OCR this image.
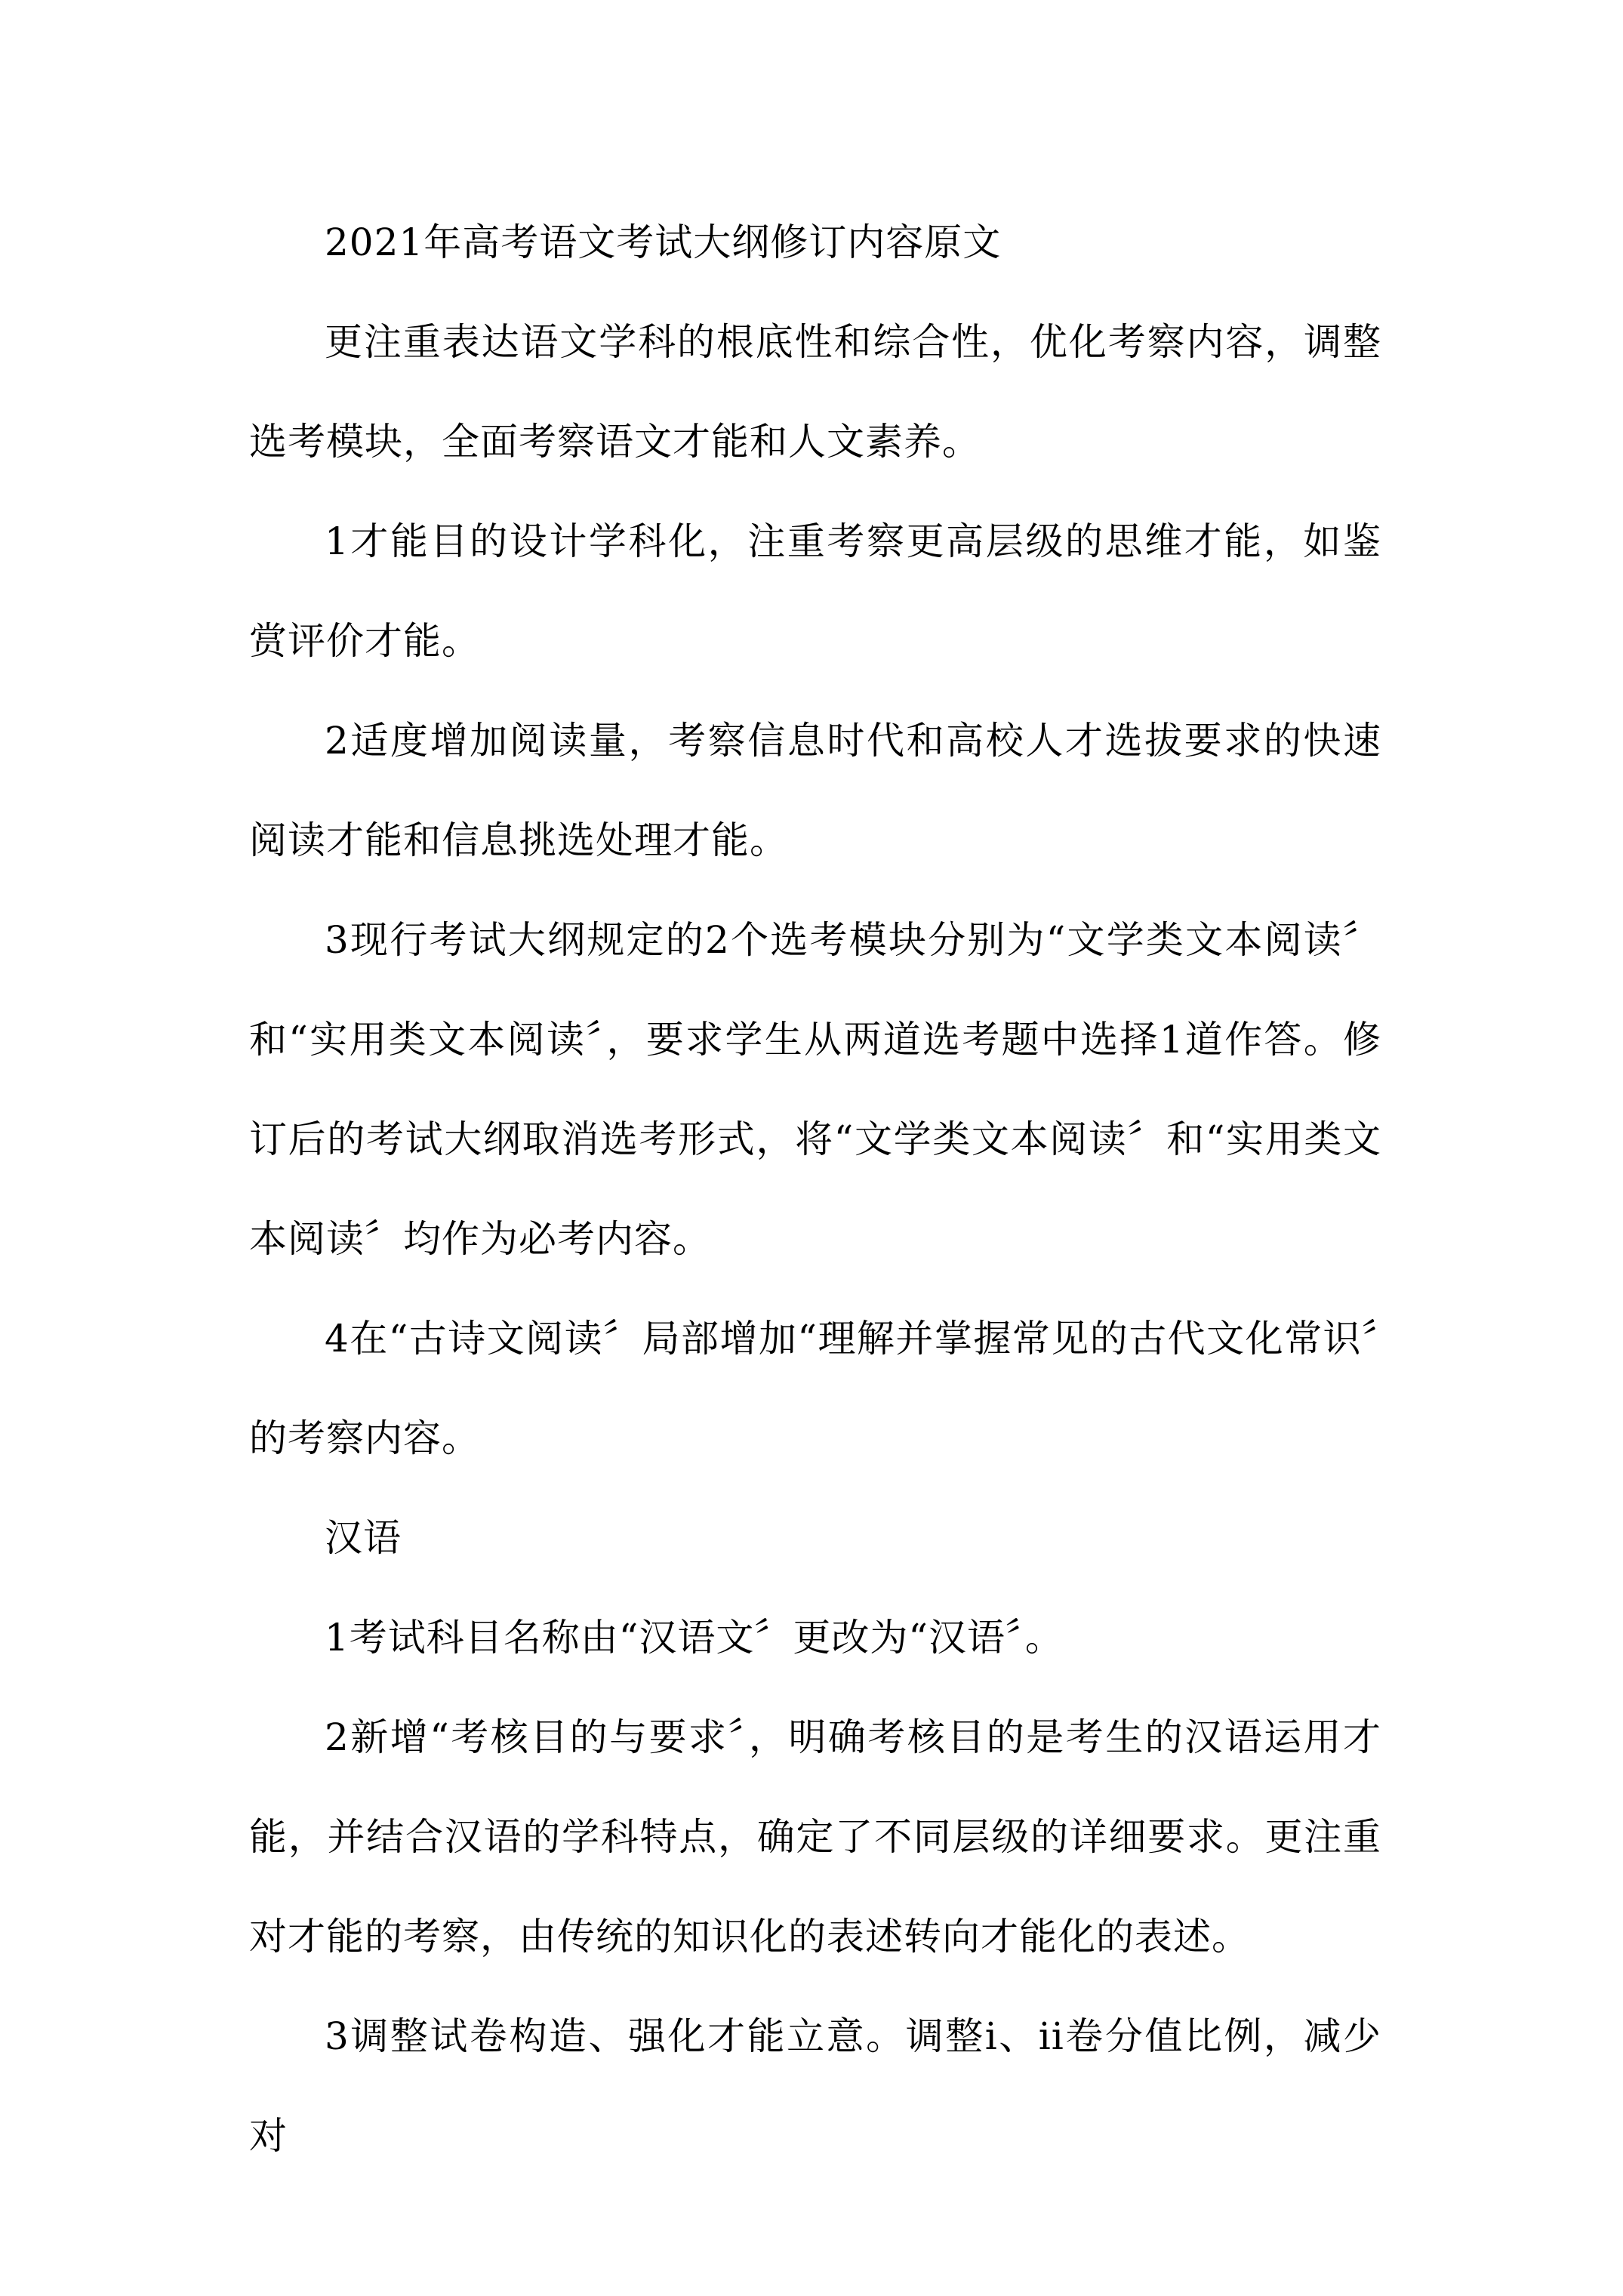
2021年高考语文考试大纲修订内容原文

更注重表达语文学科的根底性和综合性，优化考察内容，调整选考模块，全面考察语文才能和人文素养。

1才能目的设计学科化，注重考察更高层级的思维才能，如鉴赏评价才能。

2适度增加阅读量，考察信息时代和高校人才选拔要求的快速阅读才能和信息挑选处理才能。

3现行考试大纲规定的2个选考模块分别为“文学类文本阅读〞和“实用类文本阅读〞，要求学生从两道选考题中选择1道作答。修订后的考试大纲取消选考形式，将“文学类文本阅读〞和“实用类文本阅读〞均作为必考内容。

4在“古诗文阅读〞局部增加“理解并掌握常见的古代文化常识〞的考察内容。

汉语

1考试科目名称由“汉语文〞更改为“汉语〞。

2新增“考核目的与要求〞，明确考核目的是考生的汉语运用才能，并结合汉语的学科特点，确定了不同层级的详细要求。更注重对才能的考察，由传统的知识化的表述转向才能化的表述。

3调整试卷构造、强化才能立意。调整i、ii卷分值比例，减少对
